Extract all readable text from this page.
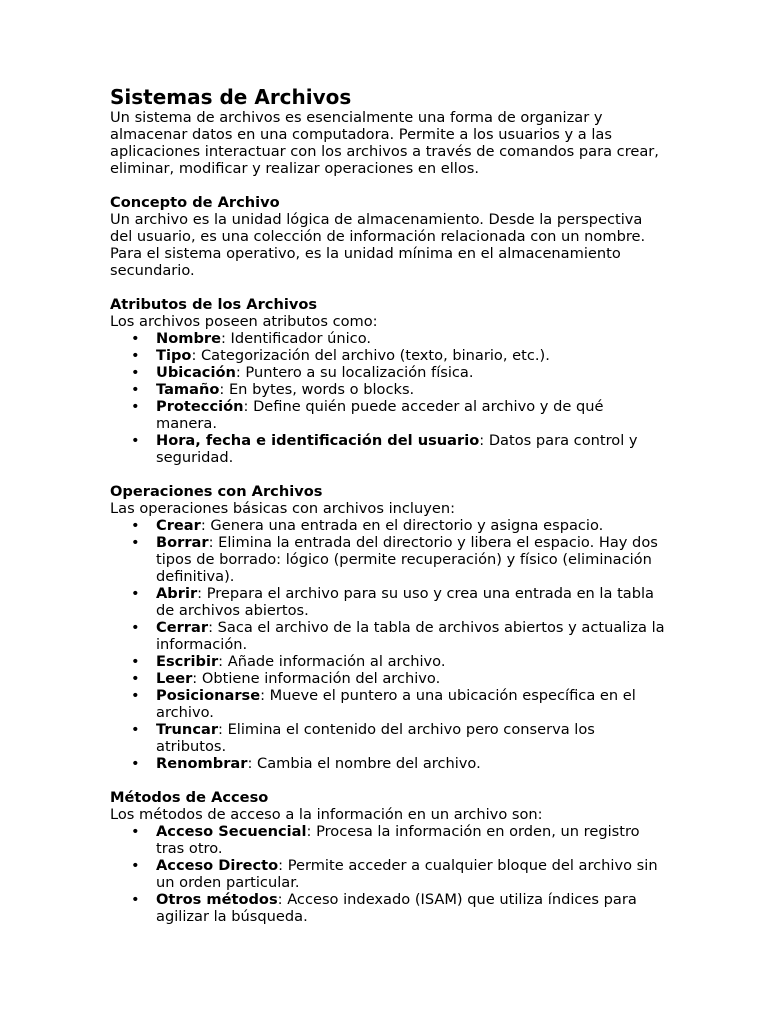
Sistemas de Archivos

Un sistema de archivos es esencialmente una forma de organizar y almacenar datos en una computadora. Permite a los usuarios y a las aplicaciones interactuar con los archivos a través de comandos para crear, eliminar, modificar y realizar operaciones en ellos.

Concepto de Archivo

Un archivo es la unidad lógica de almacenamiento. Desde la perspectiva del usuario, es una colección de información relacionada con un nombre. Para el sistema operativo, es la unidad mínima en el almacenamiento secundario.

Atributos de los Archivos

Los archivos poseen atributos como:

• Nombre: Identificador único.
• Tipo: Categorización del archivo (texto, binario, etc.).
• Ubicación: Puntero a su localización física.
• Tamaño: En bytes, words o blocks.
• Protección: Define quién puede acceder al archivo y de qué manera.
• Hora, fecha e identificación del usuario: Datos para control y seguridad.
Operaciones con Archivos

Las operaciones básicas con archivos incluyen:

• Crear: Genera una entrada en el directorio y asigna espacio.
• Borrar: Elimina la entrada del directorio y libera el espacio. Hay dos tipos de borrado: lógico (permite recuperación) y físico (eliminación definitiva).
• Abrir: Prepara el archivo para su uso y crea una entrada en la tabla de archivos abiertos.
• Cerrar: Saca el archivo de la tabla de archivos abiertos y actualiza la información.
• Escribir: Añade información al archivo.
• Leer: Obtiene información del archivo.
• Posicionarse: Mueve el puntero a una ubicación específica en el archivo.
• Truncar: Elimina el contenido del archivo pero conserva los atributos.
• Renombrar: Cambia el nombre del archivo.
Métodos de Acceso

Los métodos de acceso a la información en un archivo son:

• Acceso Secuencial: Procesa la información en orden, un registro tras otro.
• Acceso Directo: Permite acceder a cualquier bloque del archivo sin un orden particular.
• Otros métodos: Acceso indexado (ISAM) que utiliza índices para agilizar la búsqueda.
